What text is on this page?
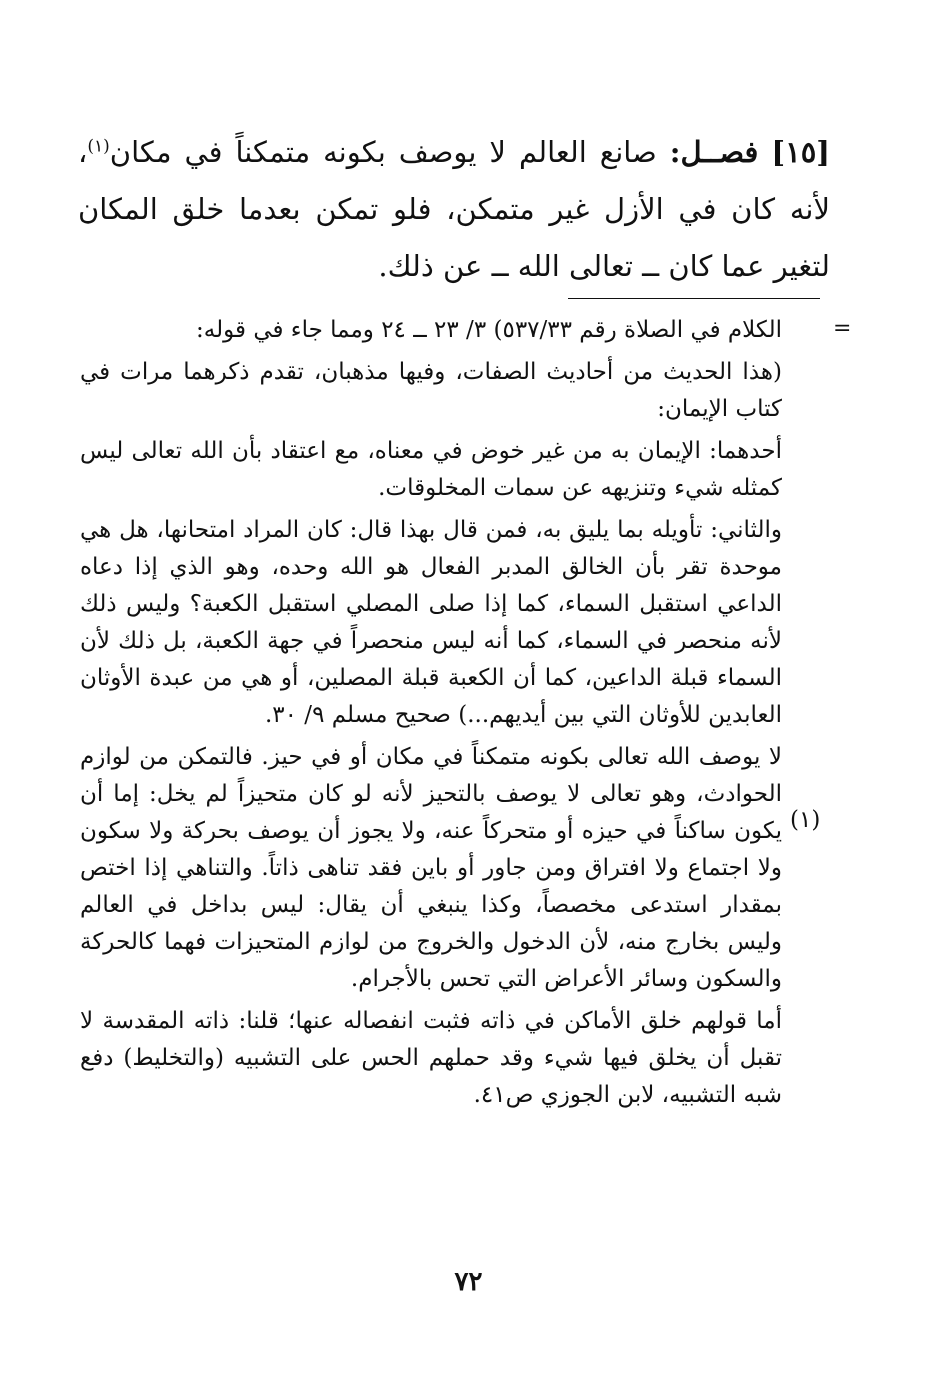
[١٥] فصــل: صانع العالم لا يوصف بكونه متمكناً في مكان$^{(١)}$، لأنه كان في الأزل غير متمكن، فلو تمكن بعدما خلق المكان لتغير عما كان ــ تعالى الله ــ عن ذلك.
=

الكلام في الصلاة رقم ٥٣٧/٣٣) ٣/ ٢٣ ــ ٢٤ ومما جاء في قوله:

(هذا الحديث من أحاديث الصفات، وفيها مذهبان، تقدم ذكرهما مرات في كتاب الإيمان:

أحدهما: الإيمان به من غير خوض في معناه، مع اعتقاد بأن الله تعالى ليس كمثله شيء وتنزيهه عن سمات المخلوقات.

والثاني: تأويله بما يليق به، فمن قال بهذا قال: كان المراد امتحانها، هل هي موحدة تقر بأن الخالق المدبر الفعال هو الله وحده، وهو الذي إذا دعاه الداعي استقبل السماء، كما إذا صلى المصلي استقبل الكعبة؟ وليس ذلك لأنه منحصر في السماء، كما أنه ليس منحصراً في جهة الكعبة، بل ذلك لأن السماء قبلة الداعين، كما أن الكعبة قبلة المصلين، أو هي من عبدة الأوثان العابدين للأوثان التي بين أيديهم...) صحيح مسلم ٩/ ٣٠.

لا يوصف الله تعالى بكونه متمكناً في مكان أو في حيز. فالتمكن من لوازم الحوادث، وهو تعالى لا يوصف بالتحيز لأنه لو كان متحيزاً لم يخل: إما أن يكون ساكناً في حيزه أو متحركاً عنه، ولا يجوز أن يوصف بحركة ولا سكون ولا اجتماع ولا افتراق ومن جاور أو باين فقد تناهى ذاتاً. والتناهي إذا اختص بمقدار استدعى مخصصاً، وكذا ينبغي أن يقال: ليس بداخل في العالم وليس بخارج منه، لأن الدخول والخروج من لوازم المتحيزات فهما كالحركة والسكون وسائر الأعراض التي تحس بالأجرام.

أما قولهم خلق الأماكن في ذاته فثبت انفصاله عنها؛ قلنا: ذاته المقدسة لا تقبل أن يخلق فيها شيء وقد حملهم الحس على التشبيه (والتخليط) دفع شبه التشبيه، لابن الجوزي ص٤١.

(١)
٧٢
